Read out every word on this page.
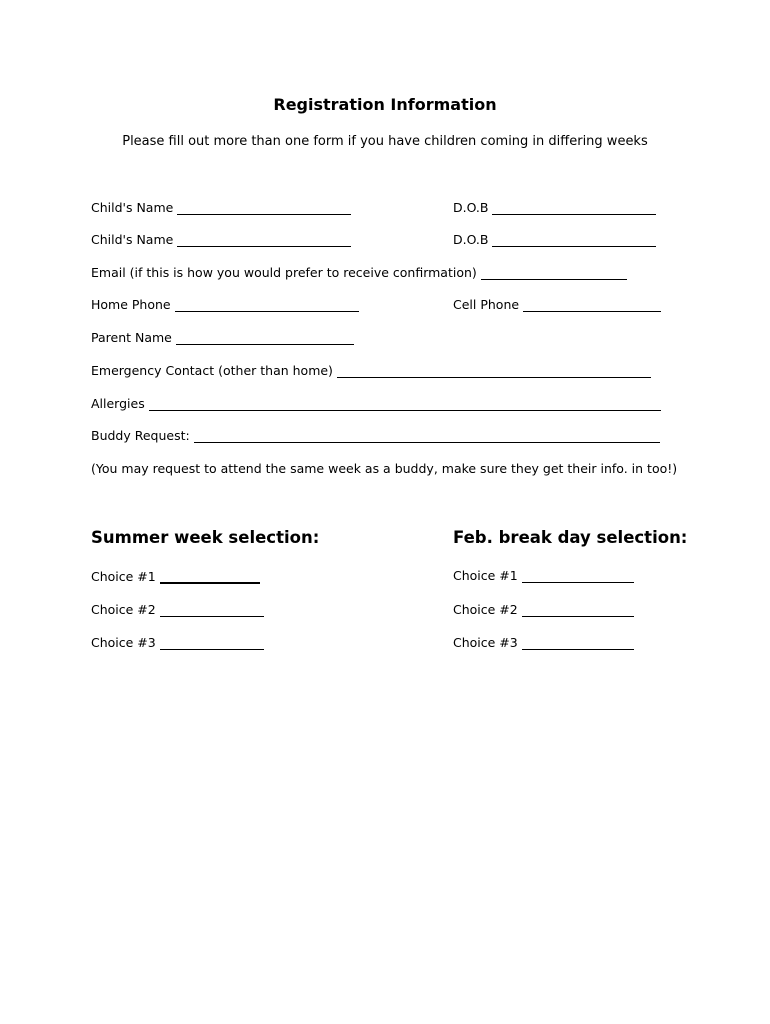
Registration Information
Please fill out more than one form if you have children coming in differing weeks
Child's Name	D.O.B
Child's Name	D.O.B
Email (if this is how you would prefer to receive confirmation)
Home Phone	Cell Phone
Parent Name
Emergency Contact (other than home)
Allergies
Buddy Request:
(You may request to attend the same week as a buddy, make sure they get their info. in too!)
Summer week selection:
Choice #1
Choice #2
Choice #3
Feb. break day selection:
Choice #1
Choice #2
Choice #3
